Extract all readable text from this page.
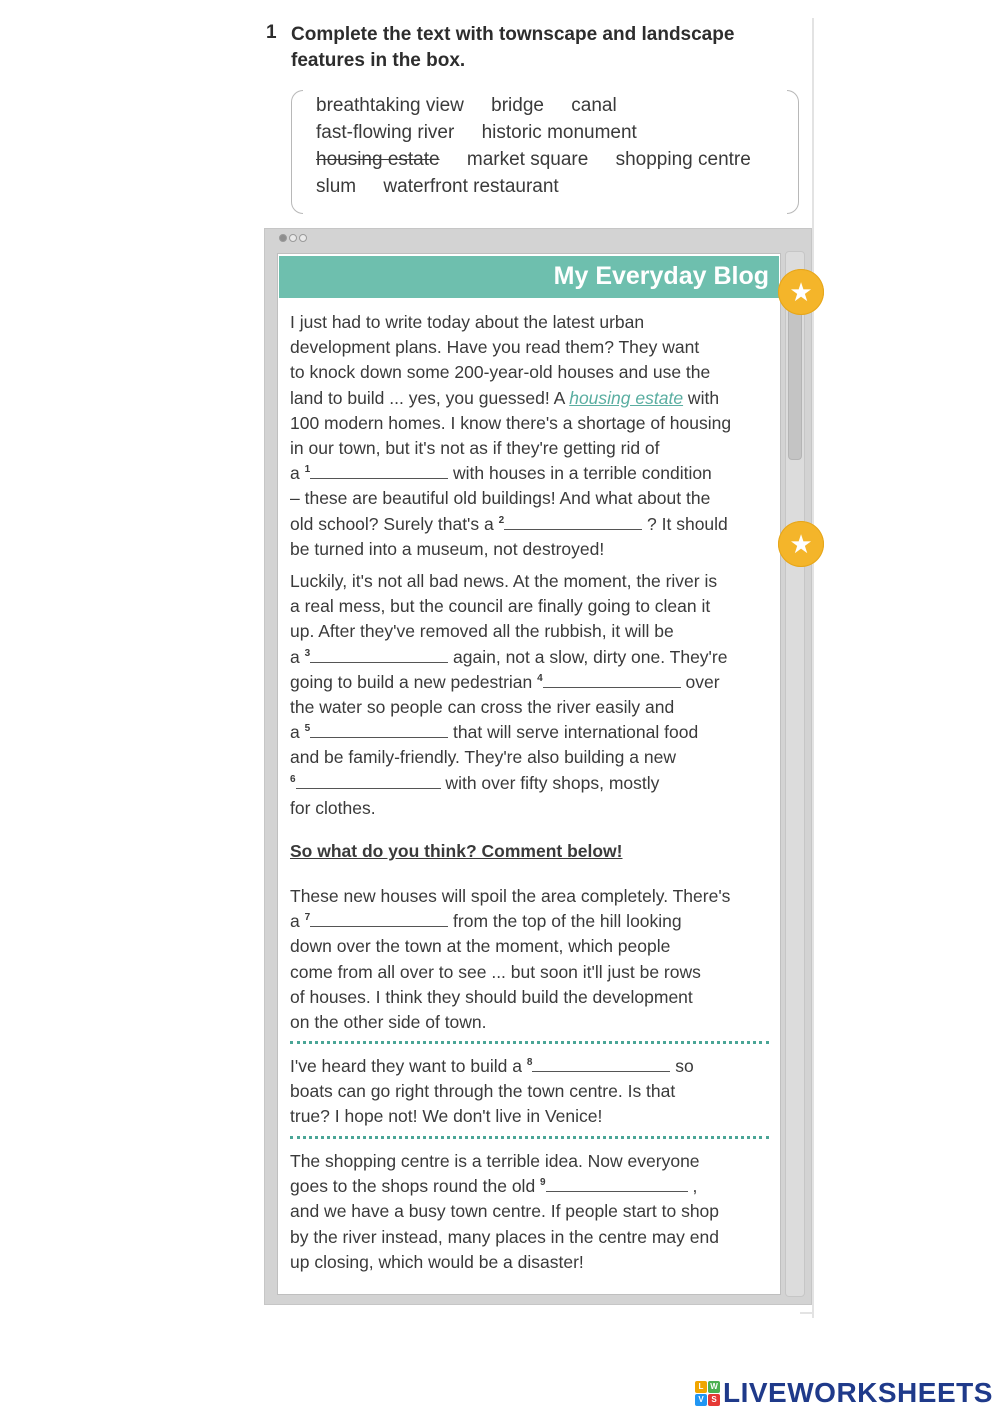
1 Complete the text with townscape and landscape features in the box.
breathtaking view bridge canal
fast-flowing river historic monument
housing estate market square shopping centre
slum waterfront restaurant
My Everyday Blog

I just had to write today about the latest urban

development plans. Have you read them? They want

to knock down some 200-year-old houses and use the

land to build ... yes, you guessed! A housing estate with

100 modern homes. I know there's a shortage of housing

in our town, but it's not as if they're getting rid of

a $^1$	with houses in a terrible condition

– these are beautiful old buildings! And what about the

old school? Surely that's a $^2$	? It should

be turned into a museum, not destroyed!

Luckily, it's not all bad news. At the moment, the river is

a real mess, but the council are finally going to clean it

up. After they've removed all the rubbish, it will be

a $^3$	again, not a slow, dirty one. They're

going to build a new pedestrian $^4$	over

the water so people can cross the river easily and

a $^5$	that will serve international food

and be family-friendly. They're also building a new

$^6$	with over fifty shops, mostly

for clothes.

So what do you think? Comment below!

These new houses will spoil the area completely. There's

a $^7$	from the top of the hill looking

down over the town at the moment, which people

come from all over to see ... but soon it'll just be rows

of houses. I think they should build the development

on the other side of town.

I've heard they want to build a $^8$	so

boats can go right through the town centre. Is that

true? I hope not! We don't live in Venice!

The shopping centre is a terrible idea. Now everyone

goes to the shops round the old $^9$	,

and we have a busy town centre. If people start to shop

by the river instead, many places in the centre may end

up closing, which would be a disaster!

★
★
L W
V S LIVEWORKSHEETS
